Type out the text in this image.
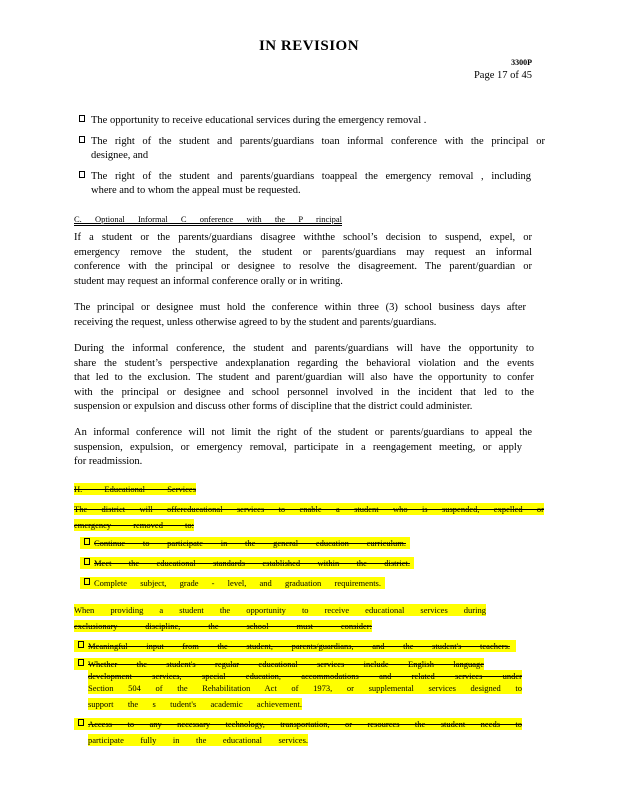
IN REVISION
3300P
Page 17 of 45

The opportunity to receive educational services during the emergency removal .

The right of the student and parents/guardians toan informal conference with the principal or

designee, and

The right of the student and parents/guardians toappeal the emergency removal , including

where and to whom the appeal must be requested.

C. Optional Informal C onference with the P rincipal

If a student or the parents/guardians disagree withthe school’s decision to suspend, expel, or

emergency remove the student, the student or parents/guardians may request an informal

conference with the principal or designee to resolve the disagreement. The parent/guardian or

student may request an informal conference orally or in writing.

The principal or designee must hold the conference within three (3) school business days after

receiving the request, unless otherwise agreed to by the student and parents/guardians.

During the informal conference, the student and parents/guardians will have the opportunity to

share the student’s perspective andexplanation regarding the behavioral violation and the events

that led to the exclusion. The student and parent/guardian will also have the opportunity to confer

with the principal or designee and school personnel involved in the incident that led to the

suspension or expulsion and discuss other forms of discipline that the district could administer.

An informal conference will not limit the right of the student or parents/guardians to appeal the

suspension, expulsion, or emergency removal, participate in a reengagement meeting, or apply

for readmission.

H. Educational Services

The district will offereducational services to enable a student who is suspended, expelled or

emergency removed to:

Continue to participate in the general education curriculum.
Meet the educational standards established within the district.
Complete subject, grade - level, and graduation requirements.

When providing a student the opportunity to receive educational services during

exclusionary discipline, the school must consider:

Meaningful input from the student, parents/guardians, and the student's teachers.

Whether the student's regular educational services include English language

development services, special education, accommodations and related services under

Section 504 of the Rehabilitation Act of 1973, or supplemental services designed to

support the s tudent's academic achievement.

Access to any necessary technology, transportation, or resources the student needs to

participate fully in the educational services.
